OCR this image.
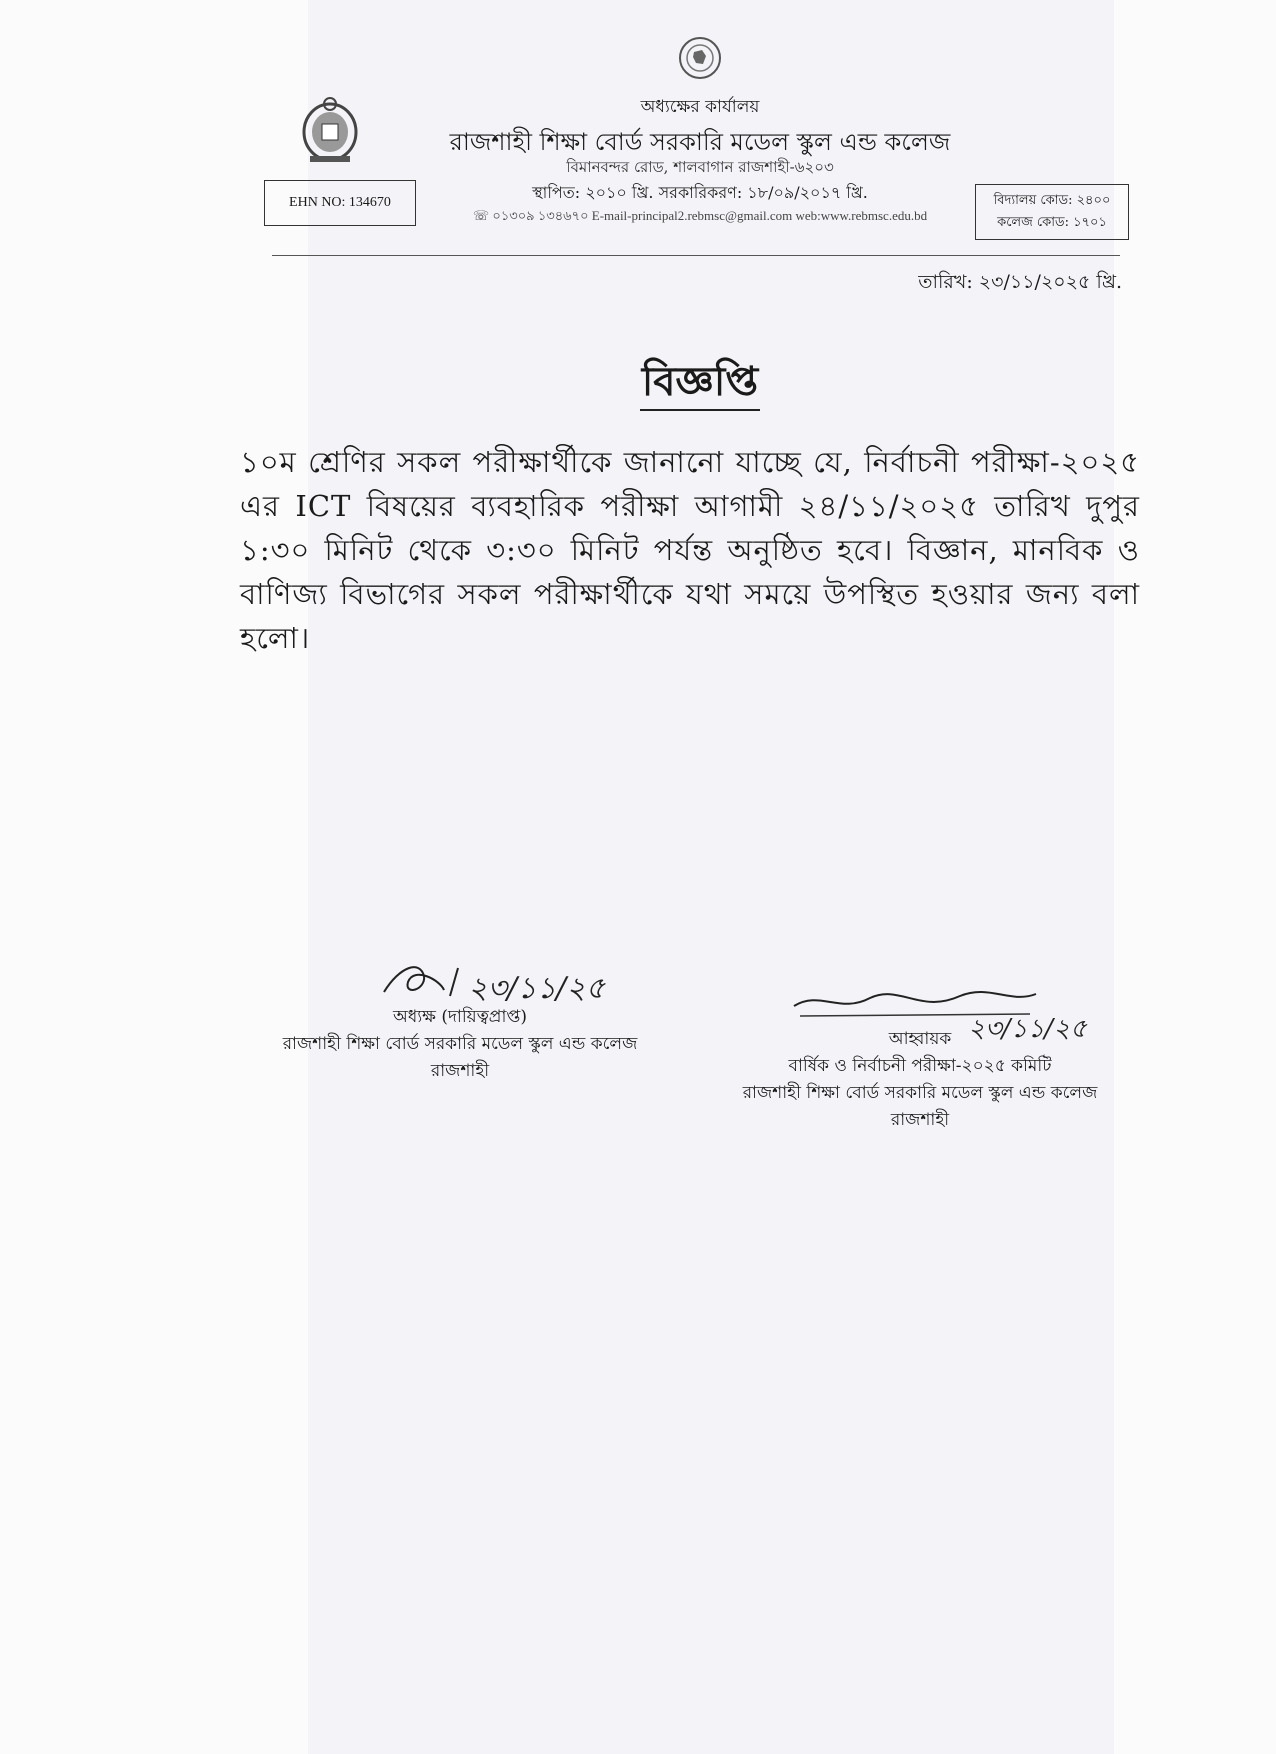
অধ্যক্ষের কার্যালয়
রাজশাহী শিক্ষা বোর্ড সরকারি মডেল স্কুল এন্ড কলেজ
বিমানবন্দর রোড, শালবাগান রাজশাহী-৬২০৩
স্থাপিত: ২০১০ খ্রি. সরকারিকরণ: ১৮/০৯/২০১৭ খ্রি.
☏ ০১৩০৯ ১৩৪৬৭০ E-mail-principal2.rebmsc@gmail.com web:www.rebmsc.edu.bd
EHN NO: 134670	বিদ্যালয় কোড: ২৪০০
কলেজ কোড: ১৭০১
তারিখ: ২৩/১১/২০২৫ খ্রি.
বিজ্ঞপ্তি
১০ম শ্রেণির সকল পরীক্ষার্থীকে জানানো যাচ্ছে যে, নির্বাচনী পরীক্ষা-২০২৫ এর ICT বিষয়ের ব্যবহারিক পরীক্ষা আগামী ২৪/১১/২০২৫ তারিখ দুপুর ১:৩০ মিনিট থেকে ৩:৩০ মিনিট পর্যন্ত অনুষ্ঠিত হবে। বিজ্ঞান, মানবিক ও বাণিজ্য বিভাগের সকল পরীক্ষার্থীকে যথা সময়ে উপস্থিত হওয়ার জন্য বলা হলো।
২৩/১১/২৫
অধ্যক্ষ (দায়িত্বপ্রাপ্ত)
রাজশাহী শিক্ষা বোর্ড সরকারি মডেল স্কুল এন্ড কলেজ
রাজশাহী
২৩/১১/২৫
আহ্বায়ক
বার্ষিক ও নির্বাচনী পরীক্ষা-২০২৫ কমিটি
রাজশাহী শিক্ষা বোর্ড সরকারি মডেল স্কুল এন্ড কলেজ
রাজশাহী
